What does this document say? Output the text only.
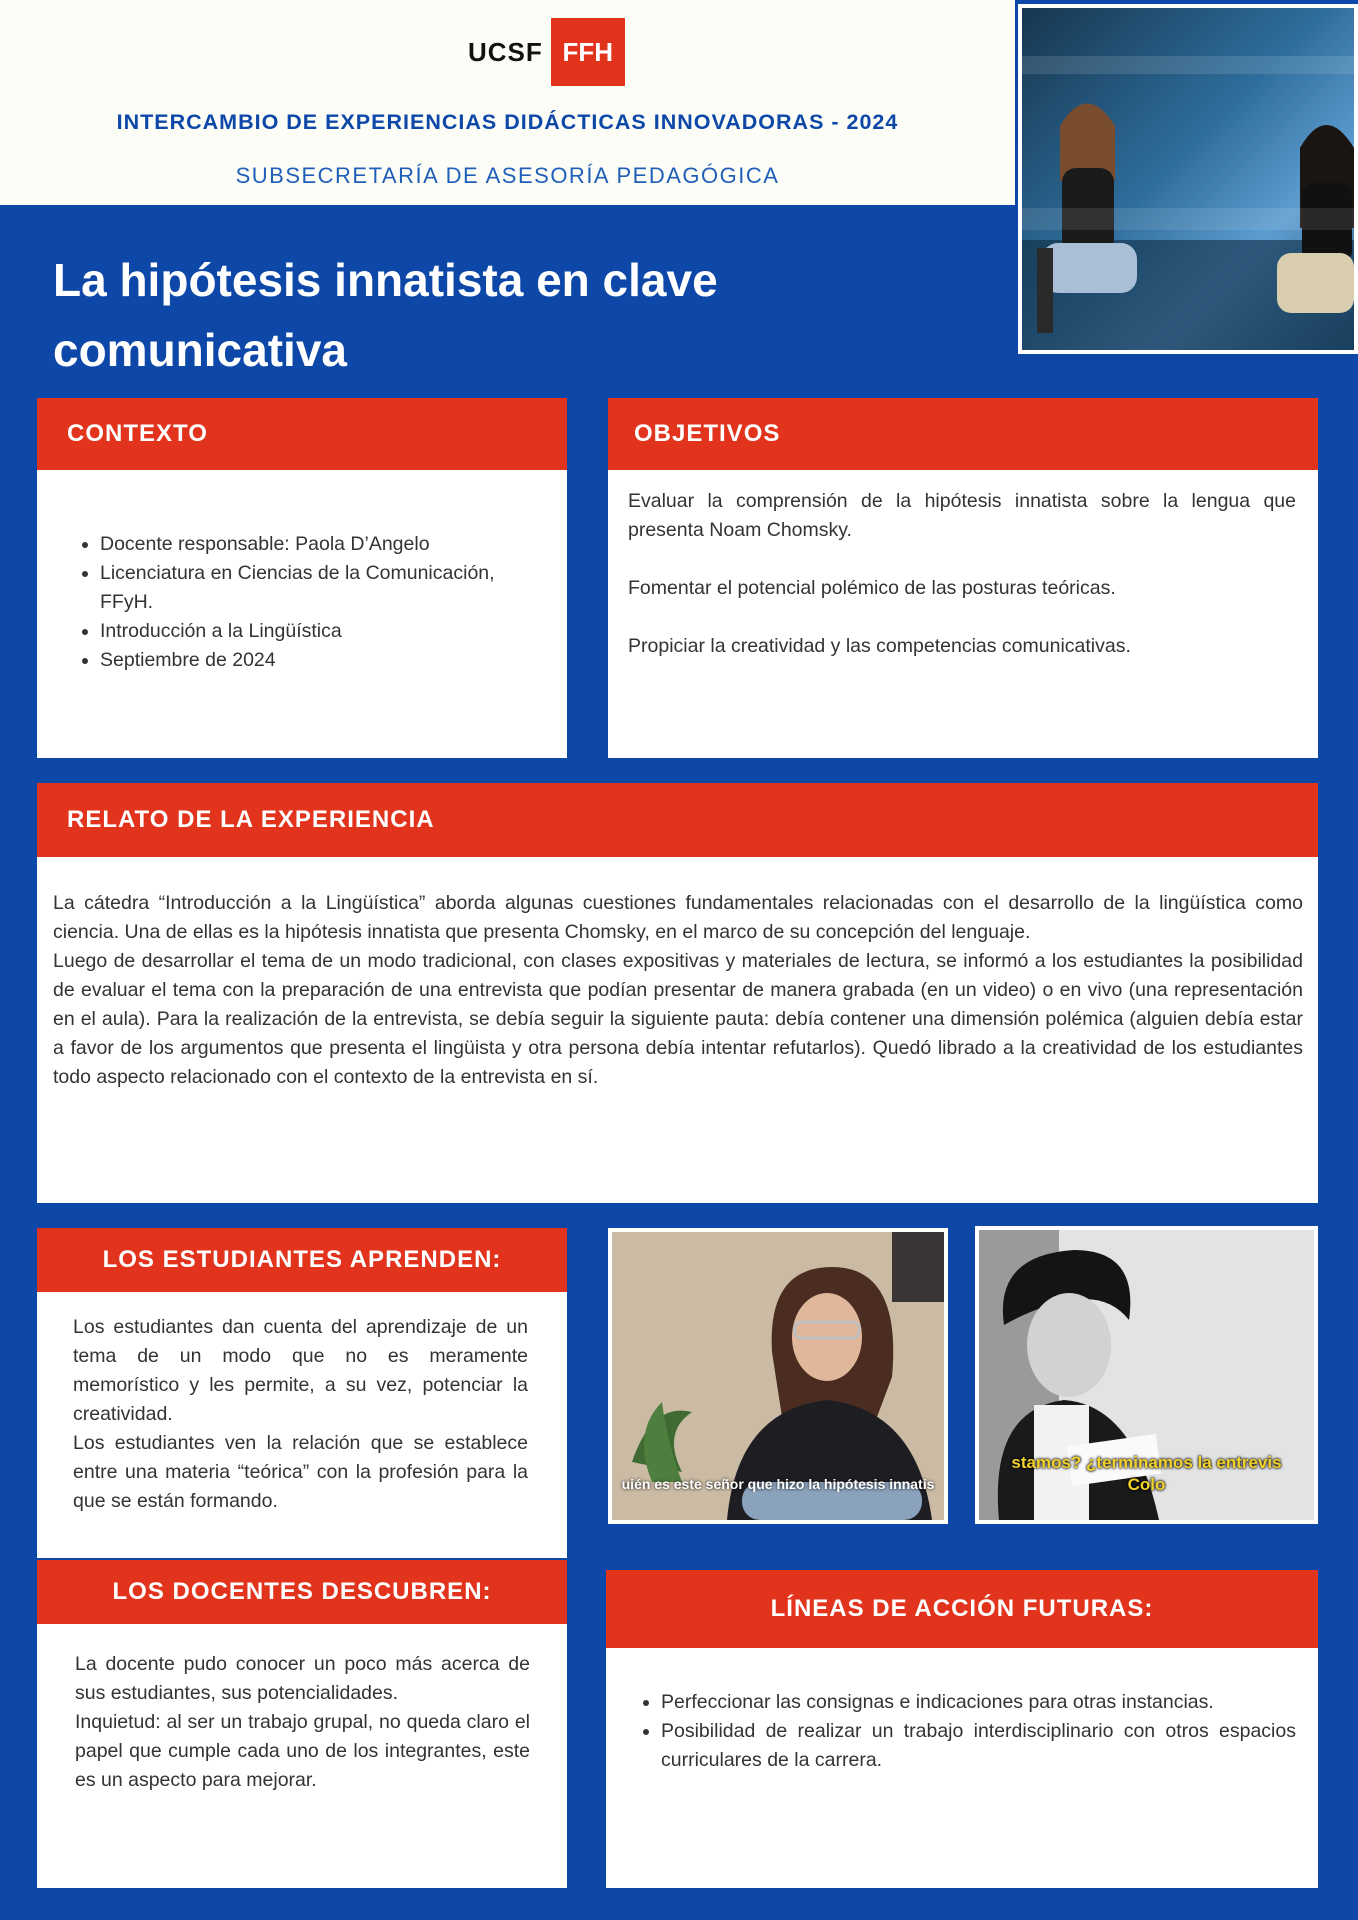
UCSF FFH
INTERCAMBIO DE EXPERIENCIAS DIDÁCTICAS INNOVADORAS - 2024
SUBSECRETARÍA DE ASESORÍA PEDAGÓGICA
La hipótesis innatista en clave comunicativa
CONTEXTO
• Docente responsable: Paola D’Angelo
• Licenciatura en Ciencias de la Comunicación, FFyH.
• Introducción a la Lingüística
• Septiembre de 2024
OBJETIVOS

Evaluar la comprensión de la hipótesis innatista sobre la lengua que presenta Noam Chomsky.

Fomentar el potencial polémico de las posturas teóricas.

Propiciar la creatividad y las competencias comunicativas.

RELATO DE LA EXPERIENCIA

La cátedra “Introducción a la Lingüística” aborda algunas cuestiones fundamentales relacionadas con el desarrollo de la lingüística como ciencia. Una de ellas es la hipótesis innatista que presenta Chomsky, en el marco de su concepción del lenguaje.

Luego de desarrollar el tema de un modo tradicional, con clases expositivas y materiales de lectura, se informó a los estudiantes la posibilidad de evaluar el tema con la preparación de una entrevista que podían presentar de manera grabada (en un video) o en vivo (una representación en el aula). Para la realización de la entrevista, se debía seguir la siguiente pauta: debía contener una dimensión polémica (alguien debía estar a favor de los argumentos que presenta el lingüista y otra persona debía intentar refutarlos). Quedó librado a la creatividad de los estudiantes todo aspecto relacionado con el contexto de la entrevista en sí.

LOS ESTUDIANTES APRENDEN:

Los estudiantes dan cuenta del aprendizaje de un tema de un modo que no es meramente memorístico y les permite, a su vez, potenciar la creatividad.

Los estudiantes ven la relación que se establece entre una materia “teórica” con la profesión para la que se están formando.

uién es este señor que hizo la hipótesis innatis
stamos? ¿terminamos la entrevis
Colo
LOS DOCENTES DESCUBREN:

La docente pudo conocer un poco más acerca de sus estudiantes, sus potencialidades.

Inquietud: al ser un trabajo grupal, no queda claro el papel que cumple cada uno de los integrantes, este es un aspecto para mejorar.

LÍNEAS DE ACCIÓN FUTURAS:
• Perfeccionar las consignas e indicaciones para otras instancias.
• Posibilidad de realizar un trabajo interdisciplinario con otros espacios curriculares de la carrera.
